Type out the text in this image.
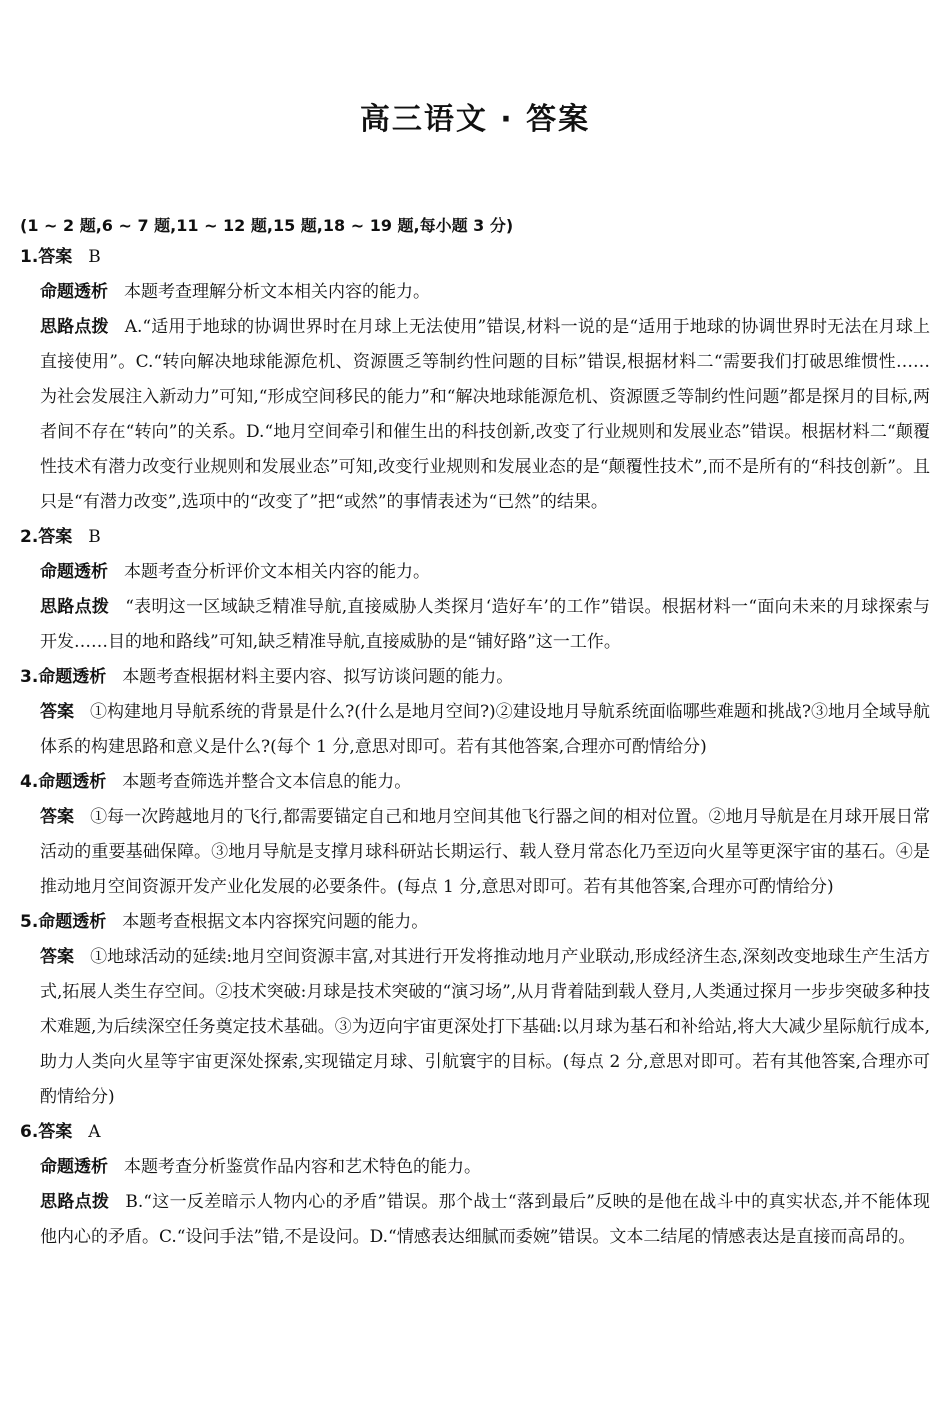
高三语文 · 答案
(1 ~ 2 题,6 ~ 7 题,11 ~ 12 题,15 题,18 ~ 19 题,每小题 3 分)
1.答案 B
命题透析 本题考查理解分析文本相关内容的能力。
思路点拨 A.“适用于地球的协调世界时在月球上无法使用”错误,材料一说的是“适用于地球的协调世界时无法在月球上直接使用”。C.“转向解决地球能源危机、资源匮乏等制约性问题的目标”错误,根据材料二“需要我们打破思维惯性……为社会发展注入新动力”可知,“形成空间移民的能力”和“解决地球能源危机、资源匮乏等制约性问题”都是探月的目标,两者间不存在“转向”的关系。D.“地月空间牵引和催生出的科技创新,改变了行业规则和发展业态”错误。根据材料二“颠覆性技术有潜力改变行业规则和发展业态”可知,改变行业规则和发展业态的是“颠覆性技术”,而不是所有的“科技创新”。且只是“有潜力改变”,选项中的“改变了”把“或然”的事情表述为“已然”的结果。
2.答案 B
命题透析 本题考查分析评价文本相关内容的能力。
思路点拨 “表明这一区域缺乏精准导航,直接威胁人类探月‘造好车’的工作”错误。根据材料一“面向未来的月球探索与开发……目的地和路线”可知,缺乏精准导航,直接威胁的是“铺好路”这一工作。
3.命题透析 本题考查根据材料主要内容、拟写访谈问题的能力。
答案 ①构建地月导航系统的背景是什么?(什么是地月空间?)②建设地月导航系统面临哪些难题和挑战?③地月全域导航体系的构建思路和意义是什么?(每个 1 分,意思对即可。若有其他答案,合理亦可酌情给分)
4.命题透析 本题考查筛选并整合文本信息的能力。
答案 ①每一次跨越地月的飞行,都需要锚定自己和地月空间其他飞行器之间的相对位置。②地月导航是在月球开展日常活动的重要基础保障。③地月导航是支撑月球科研站长期运行、载人登月常态化乃至迈向火星等更深宇宙的基石。④是推动地月空间资源开发产业化发展的必要条件。(每点 1 分,意思对即可。若有其他答案,合理亦可酌情给分)
5.命题透析 本题考查根据文本内容探究问题的能力。
答案 ①地球活动的延续:地月空间资源丰富,对其进行开发将推动地月产业联动,形成经济生态,深刻改变地球生产生活方式,拓展人类生存空间。②技术突破:月球是技术突破的“演习场”,从月背着陆到载人登月,人类通过探月一步步突破多种技术难题,为后续深空任务奠定技术基础。③为迈向宇宙更深处打下基础:以月球为基石和补给站,将大大减少星际航行成本,助力人类向火星等宇宙更深处探索,实现锚定月球、引航寰宇的目标。(每点 2 分,意思对即可。若有其他答案,合理亦可酌情给分)
6.答案 A
命题透析 本题考查分析鉴赏作品内容和艺术特色的能力。
思路点拨 B.“这一反差暗示人物内心的矛盾”错误。那个战士“落到最后”反映的是他在战斗中的真实状态,并不能体现他内心的矛盾。C.“设问手法”错,不是设问。D.“情感表达细腻而委婉”错误。文本二结尾的情感表达是直接而高昂的。
